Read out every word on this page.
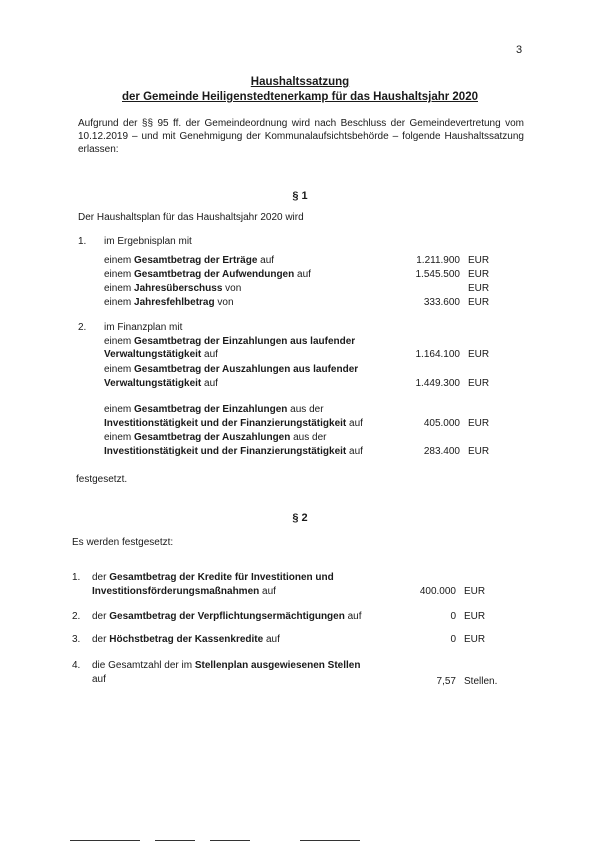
3
Haushaltssatzung
der Gemeinde Heiligenstedtenerkamp für das Haushaltsjahr 2020
Aufgrund der §§ 95 ff. der Gemeindeordnung wird nach Beschluss der Gemeindevertretung vom 10.12.2019 – und mit Genehmigung der Kommunalaufsichtsbehörde – folgende Haushaltssatzung erlassen:
§ 1
Der Haushaltsplan für das Haushaltsjahr 2020 wird
1. im Ergebnisplan mit
einem Gesamtbetrag der Erträge auf	1.211.900 EUR
einem Gesamtbetrag der Aufwendungen auf	1.545.500 EUR
einem Jahresüberschuss von	EUR
einem Jahresfehlbetrag von	333.600 EUR
2. im Finanzplan mit
einem Gesamtbetrag der Einzahlungen aus laufender
Verwaltungstätigkeit auf	1.164.100 EUR
einem Gesamtbetrag der Auszahlungen aus laufender
Verwaltungstätigkeit auf	1.449.300 EUR
einem Gesamtbetrag der Einzahlungen aus der
Investitionstätigkeit und der Finanzierungstätigkeit auf	405.000 EUR
einem Gesamtbetrag der Auszahlungen aus der
Investitionstätigkeit und der Finanzierungstätigkeit auf	283.400 EUR
festgesetzt.
§ 2
Es werden festgesetzt:
1. der Gesamtbetrag der Kredite für Investitionen und
Investitionsförderungsmaßnahmen auf	400.000 EUR
2. der Gesamtbetrag der Verpflichtungsermächtigungen auf	0 EUR
3. der Höchstbetrag der Kassenkredite auf	0 EUR
4. die Gesamtzahl der im Stellenplan ausgewiesenen Stellen
auf	7,57 Stellen.
